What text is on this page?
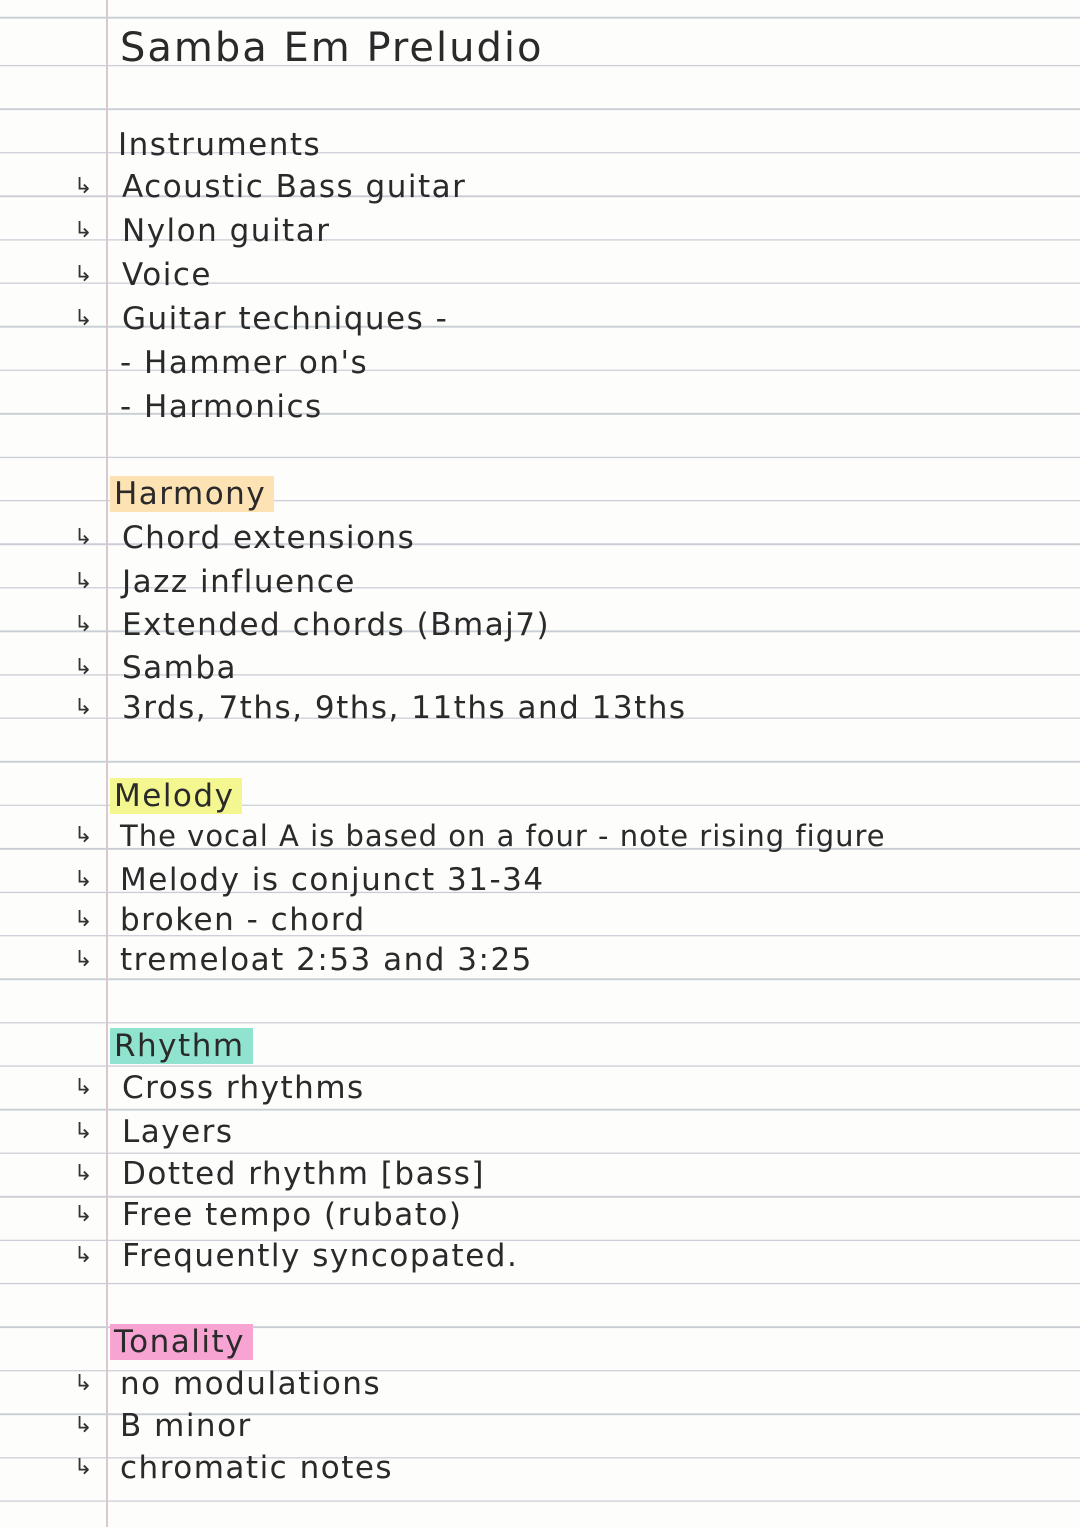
Samba Em Preludio
Instruments
↳ Acoustic Bass guitar
↳ Nylon guitar
↳ Voice
↳ Guitar techniques -
- Hammer on's
- Harmonics
Harmony
↳ Chord extensions
↳ Jazz influence
↳ Extended chords (Bmaj7)
↳ Samba
↳ 3rds, 7ths, 9ths, 11ths and 13ths
Melody
↳ The vocal A is based on a four - note rising figure
↳ Melody is conjunct 31-34
↳ broken - chord
↳ tremeloat 2:53 and 3:25
Rhythm
↳ Cross rhythms
↳ Layers
↳ Dotted rhythm [bass]
↳ Free tempo (rubato)
↳ Frequently syncopated.
Tonality
↳ no modulations
↳ B minor
↳ chromatic notes
